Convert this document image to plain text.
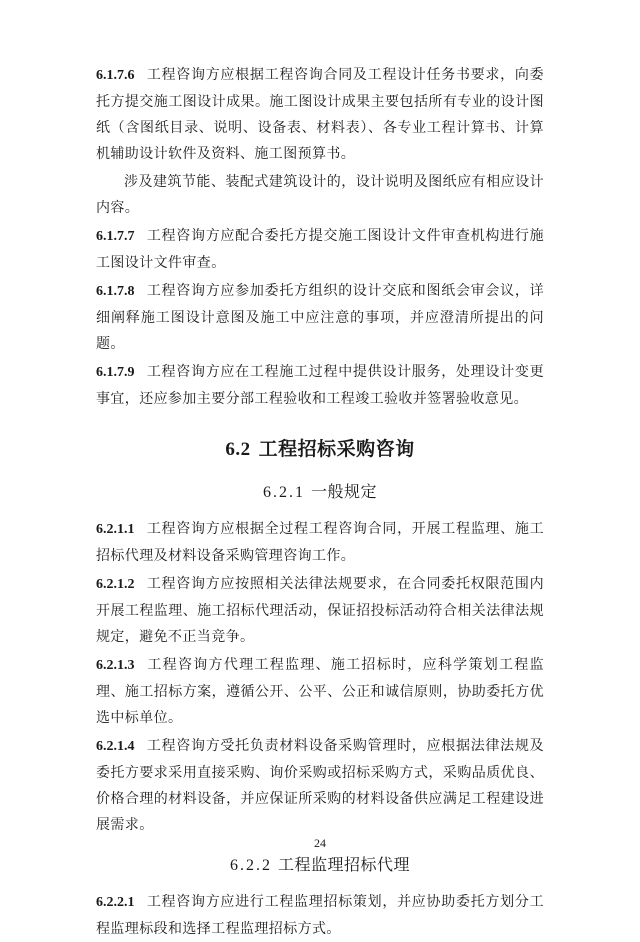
6.1.7.6 工程咨询方应根据工程咨询合同及工程设计任务书要求，向委托方提交施工图设计成果。施工图设计成果主要包括所有专业的设计图纸（含图纸目录、说明、设备表、材料表）、各专业工程计算书、计算机辅助设计软件及资料、施工图预算书。

涉及建筑节能、装配式建筑设计的，设计说明及图纸应有相应设计内容。

6.1.7.7 工程咨询方应配合委托方提交施工图设计文件审查机构进行施工图设计文件审查。

6.1.7.8 工程咨询方应参加委托方组织的设计交底和图纸会审会议，详细阐释施工图设计意图及施工中应注意的事项，并应澄清所提出的问题。

6.1.7.9 工程咨询方应在工程施工过程中提供设计服务，处理设计变更事宜，还应参加主要分部工程验收和工程竣工验收并签署验收意见。

6.2 工程招标采购咨询
6.2.1 一般规定

6.2.1.1 工程咨询方应根据全过程工程咨询合同，开展工程监理、施工招标代理及材料设备采购管理咨询工作。

6.2.1.2 工程咨询方应按照相关法律法规要求，在合同委托权限范围内开展工程监理、施工招标代理活动，保证招投标活动符合相关法律法规规定，避免不正当竞争。

6.2.1.3 工程咨询方代理工程监理、施工招标时，应科学策划工程监理、施工招标方案，遵循公开、公平、公正和诚信原则，协助委托方优选中标单位。

6.2.1.4 工程咨询方受托负责材料设备采购管理时，应根据法律法规及委托方要求采用直接采购、询价采购或招标采购方式，采购品质优良、价格合理的材料设备，并应保证所采购的材料设备供应满足工程建设进展需求。

6.2.2 工程监理招标代理

6.2.2.1 工程咨询方应进行工程监理招标策划，并应协助委托方划分工程监理标段和选择工程监理招标方式。

24
